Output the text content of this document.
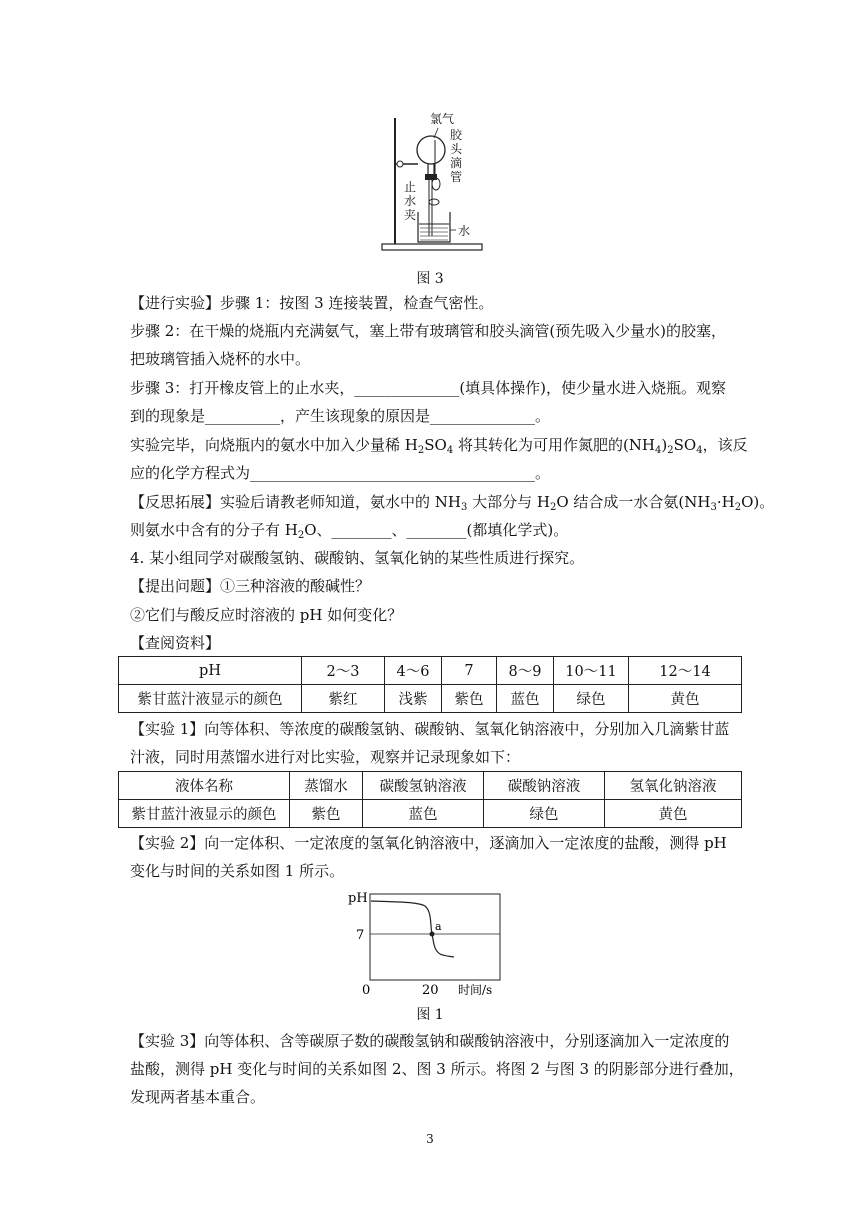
氯气
胶头滴管
止水夹
水
图 3
【进行实验】步骤 1：按图 3 连接装置，检查气密性。
步骤 2：在干燥的烧瓶内充满氨气，塞上带有玻璃管和胶头滴管(预先吸入少量水)的胶塞，
把玻璃管插入烧杯的水中。
步骤 3：打开橡皮管上的止水夹，______________(填具体操作)，使少量水进入烧瓶。观察
到的现象是__________，产生该现象的原因是______________。
实验完毕，向烧瓶内的氨水中加入少量稀 $H_2SO_4$ 将其转化为可用作氮肥的$(NH_4)_2SO_4$，该反
应的化学方程式为______________________________________。
【反思拓展】实验后请教老师知道，氨水中的 $NH_3$ 大部分与 $H_2O$ 结合成一水合氨$(NH_3\cdot H_2O)$。
则氨水中含有的分子有 $H_2O$、________、________(都填化学式)。
4. 某小组同学对碳酸氢钠、碳酸钠、氢氧化钠的某些性质进行探究。
【提出问题】①三种溶液的酸碱性？
②它们与酸反应时溶液的 pH 如何变化？
【查阅资料】
pH	2～3	4～6	7	8～9	10～11	12～14
紫甘蓝汁液显示的颜色	紫红	浅紫	紫色	蓝色	绿色	黄色
【实验 1】向等体积、等浓度的碳酸氢钠、碳酸钠、氢氧化钠溶液中，分别加入几滴紫甘蓝
汁液，同时用蒸馏水进行对比实验，观察并记录现象如下：
液体名称	蒸馏水	碳酸氢钠溶液	碳酸钠溶液	氢氧化钠溶液
紫甘蓝汁液显示的颜色	紫色	蓝色	绿色	黄色
【实验 2】向一定体积、一定浓度的氢氧化钠溶液中，逐滴加入一定浓度的盐酸，测得 pH
变化与时间的关系如图 1 所示。
a
pH
7
0	20 时间/s
图 1
【实验 3】向等体积、含等碳原子数的碳酸氢钠和碳酸钠溶液中，分别逐滴加入一定浓度的
盐酸，测得 pH 变化与时间的关系如图 2、图 3 所示。将图 2 与图 3 的阴影部分进行叠加，
发现两者基本重合。
3
